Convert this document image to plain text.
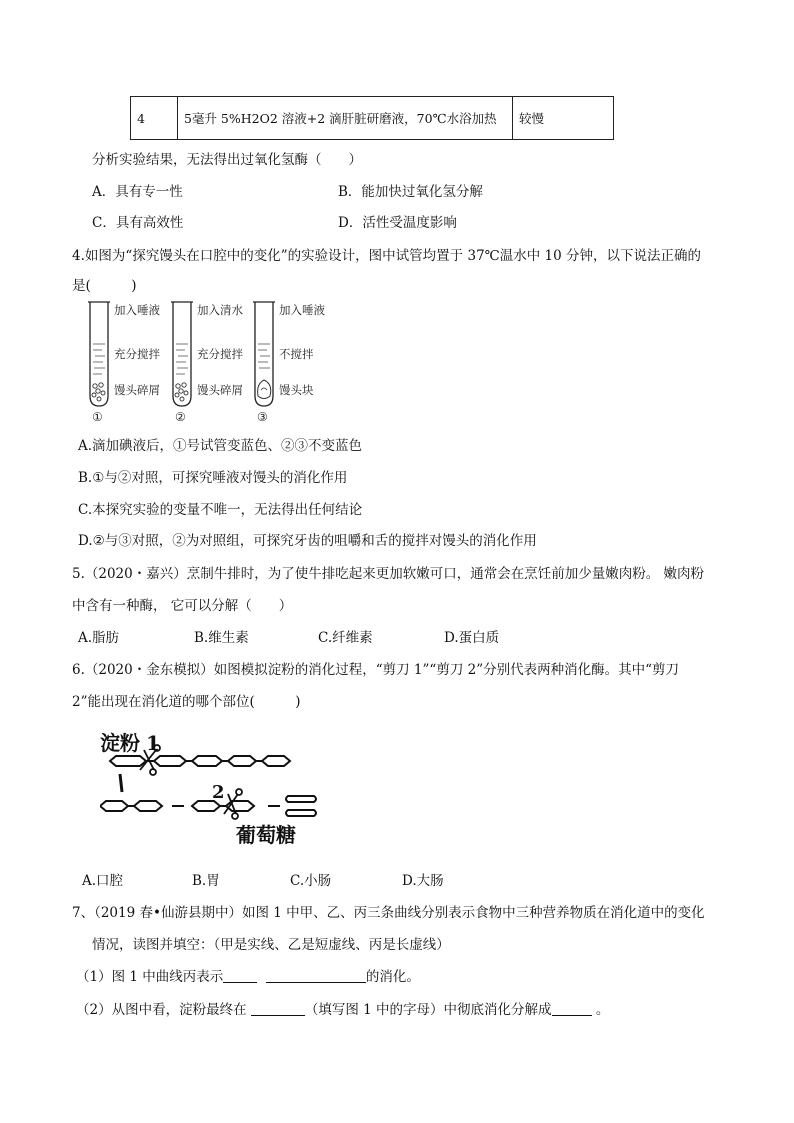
4	5毫升 5%H2O2 溶液+2 滴肝脏研磨液，70℃水浴加热	较慢
分析实验结果，无法得出过氧化氢酶（　　）
A．具有专一性	B．能加快过氧化氢分解
C．具有高效性	D．活性受温度影响
4.如图为“探究馒头在口腔中的变化”的实验设计，图中试管均置于 37℃温水中 10 分钟，以下说法正确的
是(　　　)
加入唾液
充分搅拌
馒头碎屑
①
加入清水
充分搅拌
馒头碎屑
②
加入唾液
不搅拌
馒头块
③
A.滴加碘液后，①号试管变蓝色、②③不变蓝色
B.①与②对照，可探究唾液对馒头的消化作用
C.本探究实验的变量不唯一，无法得出任何结论
D.②与③对照，②为对照组，可探究牙齿的咀嚼和舌的搅拌对馒头的消化作用
5.（2020・嘉兴）烹制牛排时，为了使牛排吃起来更加软嫩可口，通常会在烹饪前加少量嫩肉粉。 嫩肉粉
中含有一种酶， 它可以分解（　　）
A.脂肪	B.维生素	C.纤维素	D.蛋白质
6.（2020・金东模拟）如图模拟淀粉的消化过程，“剪刀 1”“剪刀 2”分别代表两种消化酶。其中“剪刀
2”能出现在消化道的哪个部位(　　　)
淀粉 1
2
葡萄糖
A.口腔	B.胃	C.小肠	D.大肠
7、（2019 春•仙游县期中）如图 1 中甲、乙、丙三条曲线分别表示食物中三种营养物质在消化道中的变化
情况，读图并填空：（甲是实线、乙是短虚线、丙是长虚线）
（1）图 1 中曲线丙表示	的消化。
（2）从图中看，淀粉最终在	（填写图 1 中的字母）中彻底消化分解成	。
